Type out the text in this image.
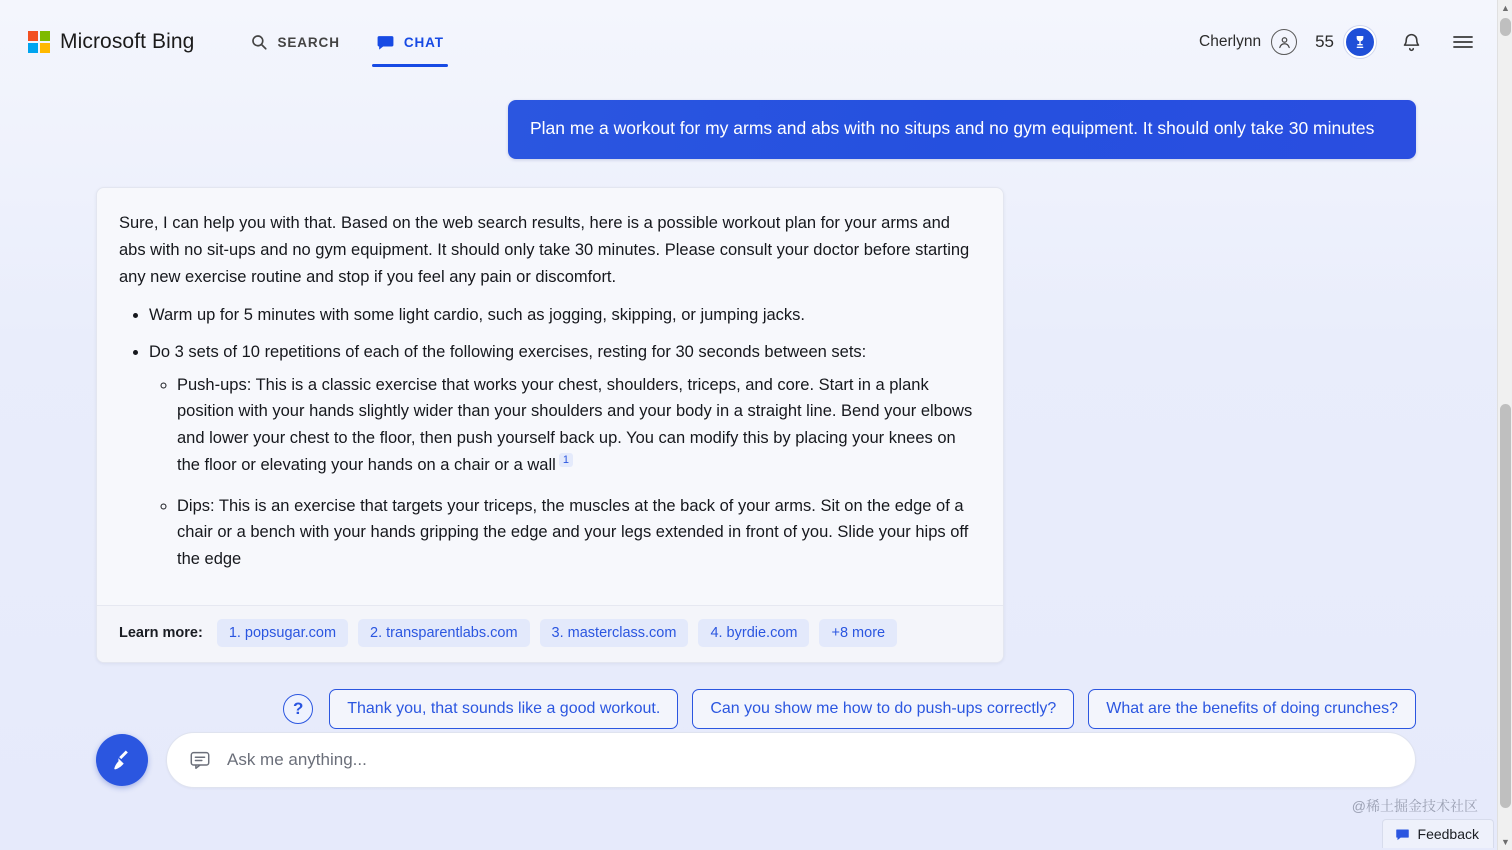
Microsoft Bing	SEARCH	CHAT	Cherlynn	55
Plan me a workout for my arms and abs with no situps and no gym equipment. It should only take 30 minutes

Sure, I can help you with that. Based on the web search results, here is a possible workout plan for your arms and abs with no sit-ups and no gym equipment. It should only take 30 minutes. Please consult your doctor before starting any new exercise routine and stop if you feel any pain or discomfort.

• Warm up for 5 minutes with some light cardio, such as jogging, skipping, or jumping jacks.
• Do 3 sets of 10 repetitions of each of the following exercises, resting for 30 seconds between sets:
◦ Push-ups: This is a classic exercise that works your chest, shoulders, triceps, and core. Start in a plank position with your hands slightly wider than your shoulders and your body in a straight line. Bend your elbows and lower your chest to the floor, then push yourself back up. You can modify this by placing your knees on the floor or elevating your hands on a chair or a wall $^1$
◦ Dips: This is an exercise that targets your triceps, the muscles at the back of your arms. Sit on the edge of a chair or a bench with your hands gripping the edge and your legs extended in front of you. Slide your hips off the edge
Learn more:	1. popsugar.com	2. transparentlabs.com	3. masterclass.com	4. byrdie.com	+8 more
?	Thank you, that sounds like a good workout.	Can you show me how to do push-ups correctly?	What are the benefits of doing crunches?
Ask me anything...
@稀土掘金技术社区
Feedback
▲
▼
